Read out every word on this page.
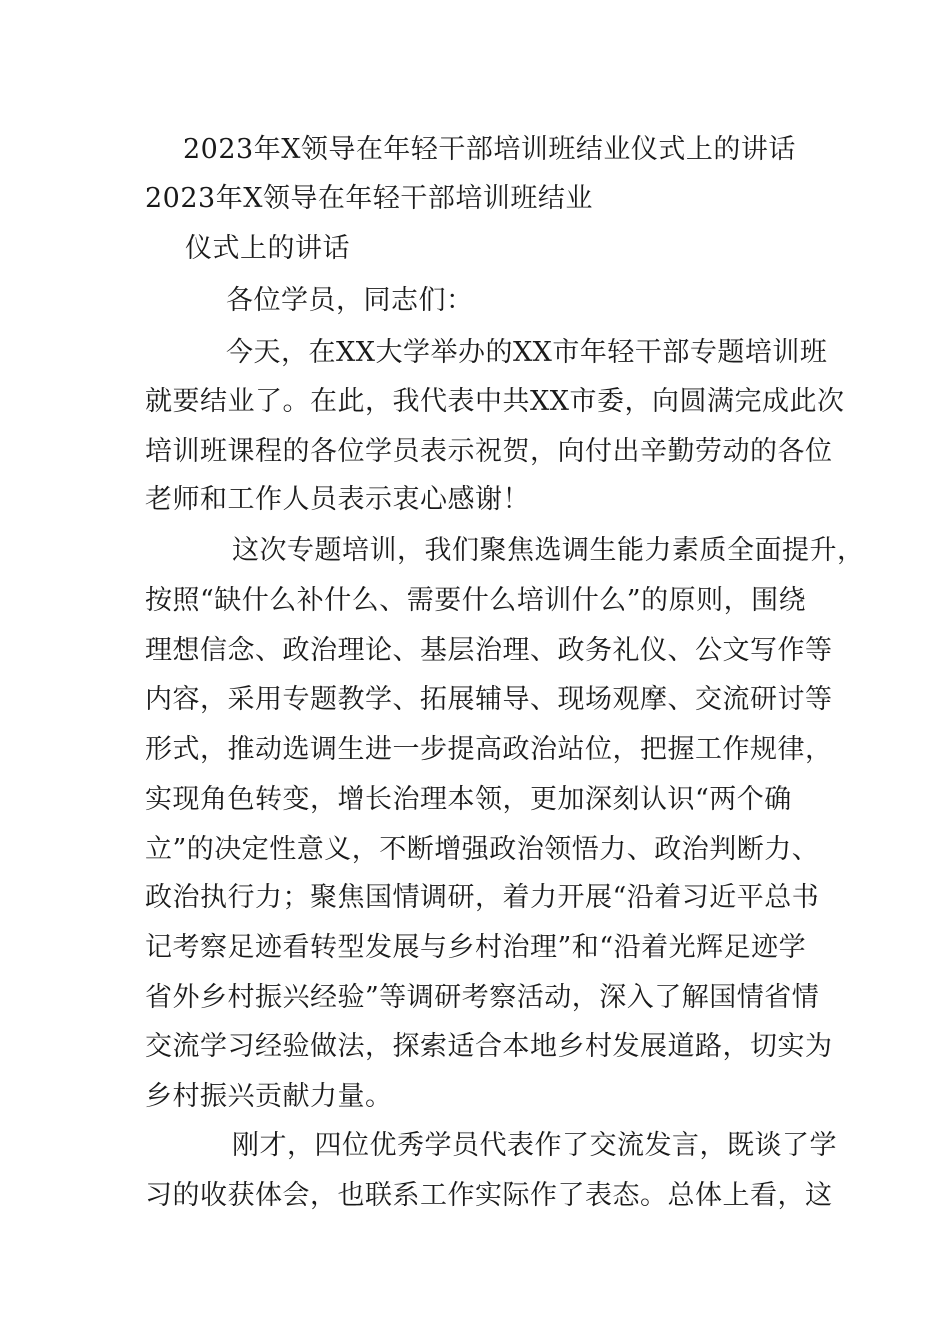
2023年X领导在年轻干部培训班结业仪式上的讲话
2023年X领导在年轻干部培训班结业
仪式上的讲话
各位学员，同志们：
今天，在XX大学举办的XX市年轻干部专题培训班
就要结业了。在此，我代表中共XX市委，向圆满完成此次
培训班课程的各位学员表示祝贺，向付出辛勤劳动的各位
老师和工作人员表示衷心感谢！
这次专题培训，我们聚焦选调生能力素质全面提升，
按照“缺什么补什么、需要什么培训什么”的原则，围绕
理想信念、政治理论、基层治理、政务礼仪、公文写作等
内容，采用专题教学、拓展辅导、现场观摩、交流研讨等
形式，推动选调生进一步提高政治站位，把握工作规律，
实现角色转变，增长治理本领，更加深刻认识“两个确
立”的决定性意义，不断增强政治领悟力、政治判断力、
政治执行力；聚焦国情调研，着力开展“沿着习近平总书
记考察足迹看转型发展与乡村治理”和“沿着光辉足迹学
省外乡村振兴经验”等调研考察活动，深入了解国情省情
交流学习经验做法，探索适合本地乡村发展道路，切实为
乡村振兴贡献力量。
刚才，四位优秀学员代表作了交流发言，既谈了学
习的收获体会，也联系工作实际作了表态。总体上看，这
